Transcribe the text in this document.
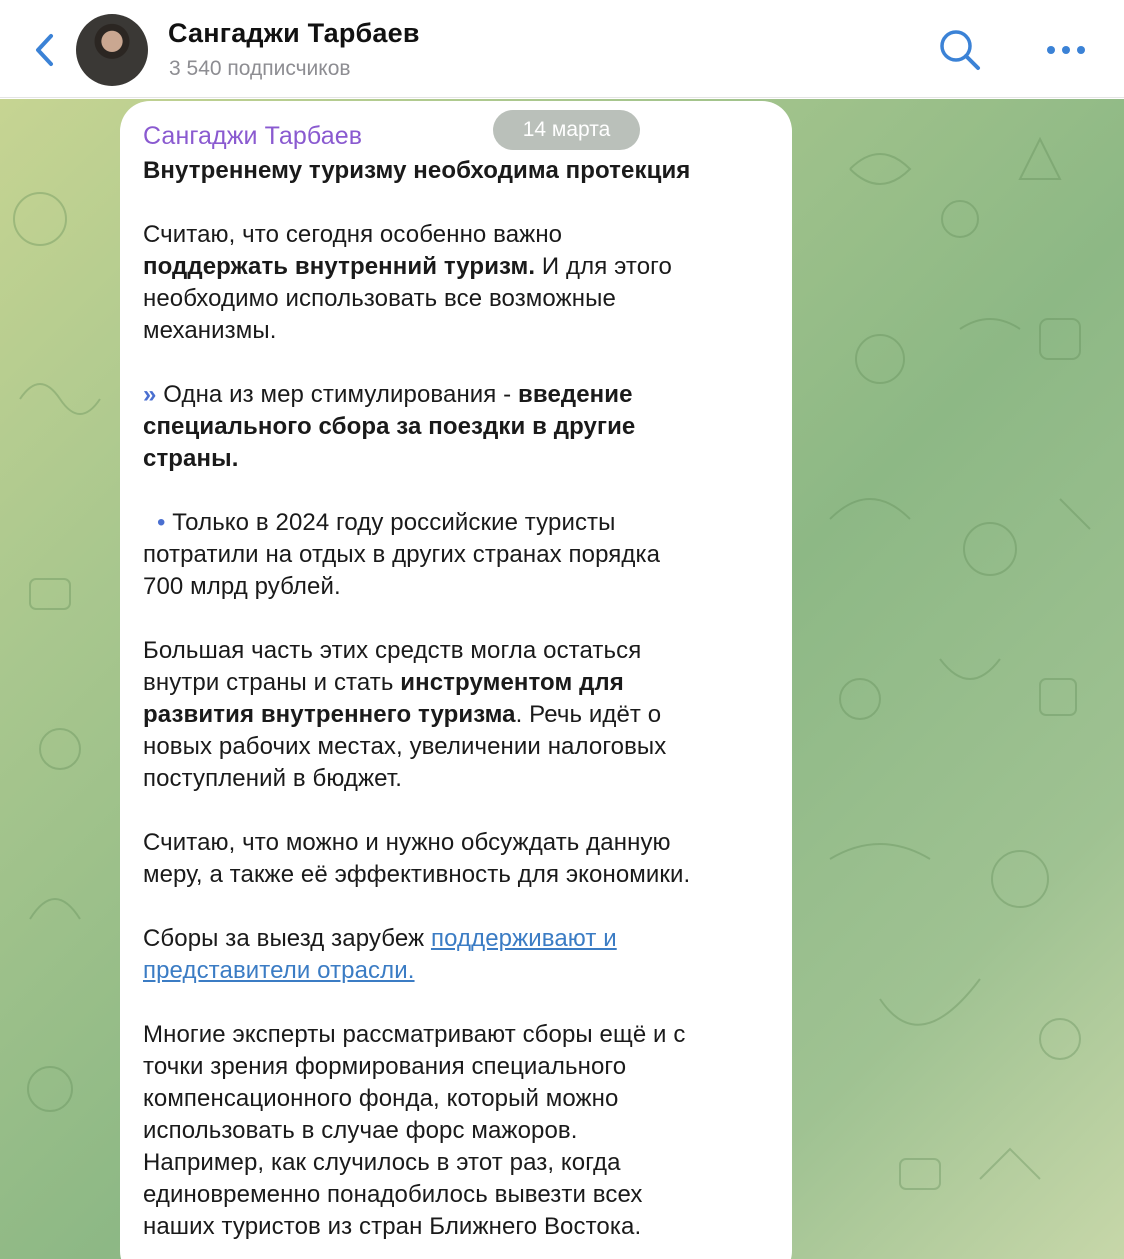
Сангаджи Тарбаев
3 540 подписчиков
Сангаджи Тарбаев	14 марта
Внутреннему туризму необходима протекция
Считаю, что сегодня особенно важно
поддержать внутренний туризм. И для этого
необходимо использовать все возможные
механизмы.
» Одна из мер стимулирования - введение
специального сбора за поездки в другие
страны.
• Только в 2024 году российские туристы
потратили на отдых в других странах порядка
700 млрд рублей.
Большая часть этих средств могла остаться
внутри страны и стать инструментом для
развития внутреннего туризма. Речь идёт о
новых рабочих местах, увеличении налоговых
поступлений в бюджет.
Считаю, что можно и нужно обсуждать данную
меру, а также её эффективность для экономики.
Сборы за выезд зарубеж поддерживают и
представители отрасли.
Многие эксперты рассматривают сборы ещё и с
точки зрения формирования специального
компенсационного фонда, который можно
использовать в случае форс мажоров.
Например, как случилось в этот раз, когда
единовременно понадобилось вывезти всех
наших туристов из стран Ближнего Востока.
